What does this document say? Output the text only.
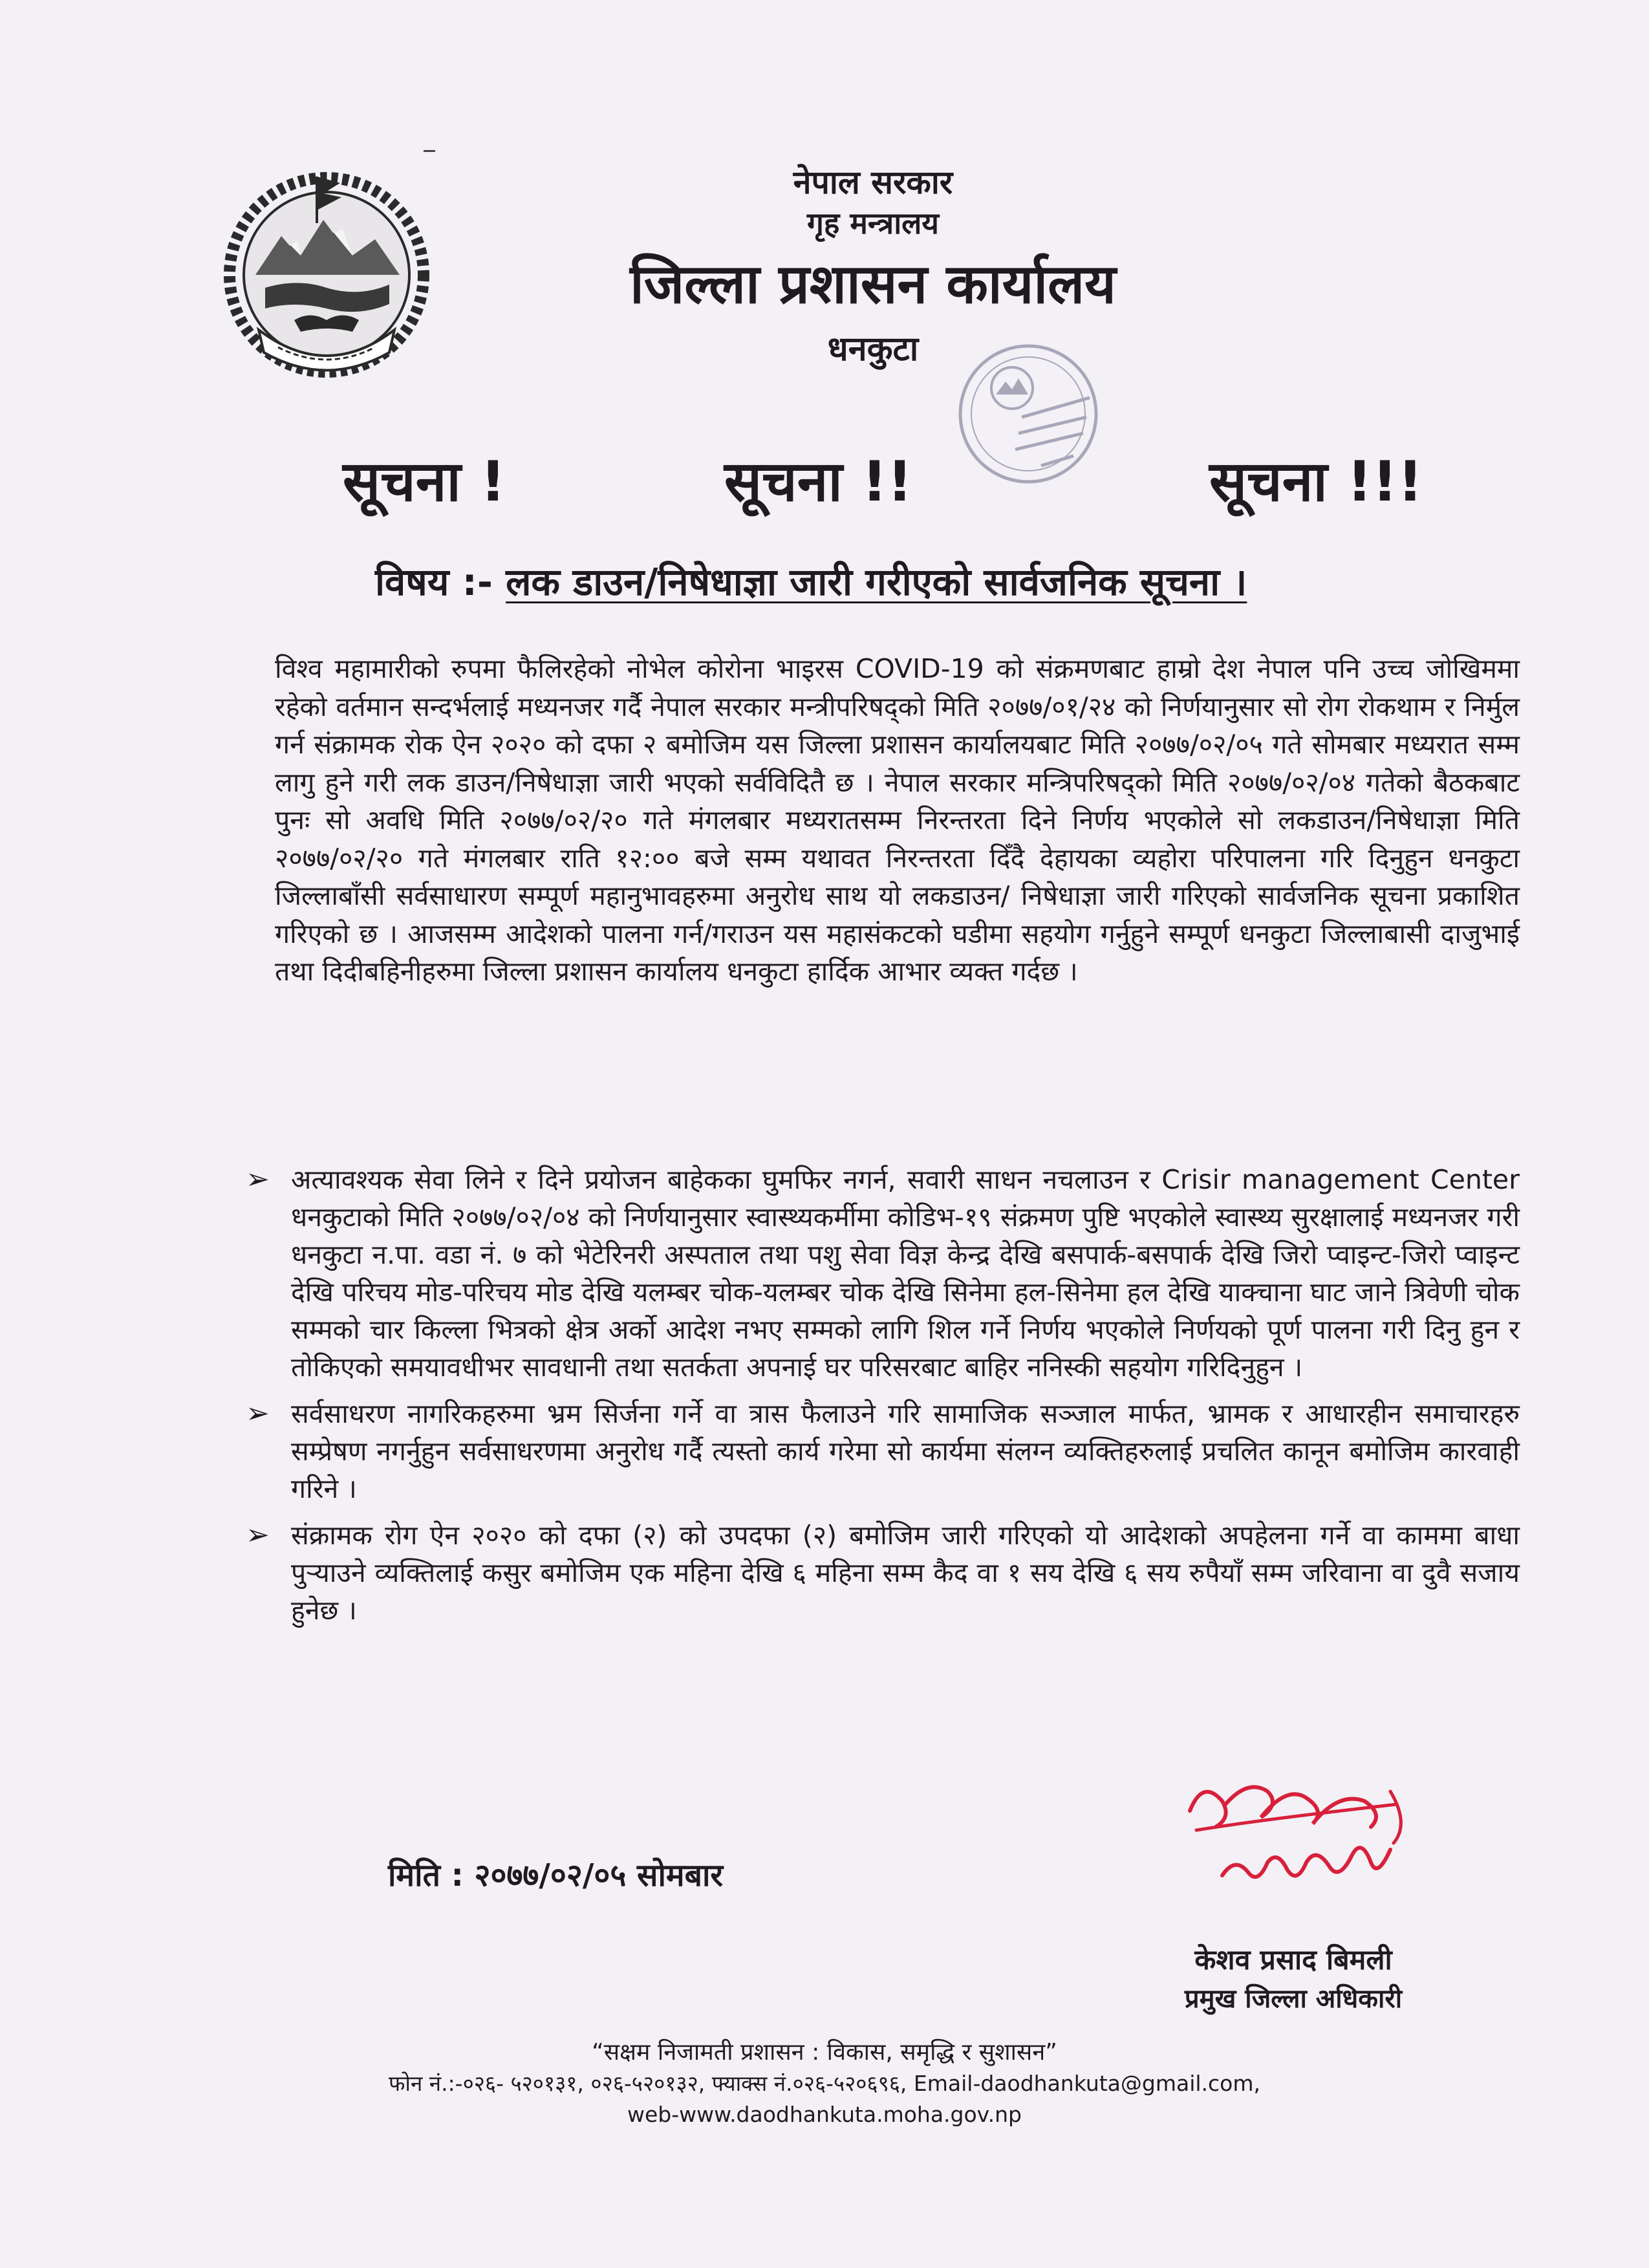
नेपाल सरकार
गृह मन्त्रालय
जिल्ला प्रशासन कार्यालय
धनकुटा
सूचना !	सूचना !!	सूचना !!!
विषय :- लक डाउन/निषेधाज्ञा जारी गरीएको सार्वजनिक सूचना ।
विश्व महामारीको रुपमा फैलिरहेको नोभेल कोरोना भाइरस COVID-19 को संक्रमणबाट हाम्रो देश नेपाल पनि उच्च जोखिममा रहेको वर्तमान सन्दर्भलाई मध्यनजर गर्दै नेपाल सरकार मन्त्रीपरिषद्‌को मिति २०७७/०१/२४ को निर्णयानुसार सो रोग रोकथाम र निर्मुल गर्न संक्रामक रोक ऐन २०२० को दफा २ बमोजिम यस जिल्ला प्रशासन कार्यालयबाट मिति २०७७/०२/०५ गते सोमबार मध्यरात सम्म लागु हुने गरी लक डाउन/निषेधाज्ञा जारी भएको सर्वविदितै छ । नेपाल सरकार मन्त्रिपरिषद्‌को मिति २०७७/०२/०४ गतेको बैठकबाट पुनः सो अवधि मिति २०७७/०२/२० गते मंगलबार मध्यरातसम्म निरन्तरता दिने निर्णय भएकोले सो लकडाउन/निषेधाज्ञा मिति २०७७/०२/२० गते मंगलबार राति १२:०० बजे सम्म यथावत निरन्तरता दिँदै देहायका व्यहोरा परिपालना गरि दिनुहुन धनकुटा जिल्लाबाँसी सर्वसाधारण सम्पूर्ण महानुभावहरुमा अनुरोध साथ यो लकडाउन/ निषेधाज्ञा जारी गरिएको सार्वजनिक सूचना प्रकाशित गरिएको छ । आजसम्म आदेशको पालना गर्न/गराउन यस महासंकटको घडीमा सहयोग गर्नुहुने सम्पूर्ण धनकुटा जिल्लाबासी दाजुभाई तथा दिदीबहिनीहरुमा जिल्ला प्रशासन कार्यालय धनकुटा हार्दिक आभार व्यक्त गर्दछ ।
➢ अत्यावश्यक सेवा लिने र दिने प्रयोजन बाहेकका घुमफिर नगर्न, सवारी साधन नचलाउन र Crisir management Center धनकुटाको मिति २०७७/०२/०४ को निर्णयानुसार स्वास्थ्यकर्मीमा कोडिभ-१९ संक्रमण पुष्टि भएकोले स्वास्थ्य सुरक्षालाई मध्यनजर गरी धनकुटा न.पा. वडा नं. ७ को भेटेरिनरी अस्पताल तथा पशु सेवा विज्ञ केन्द्र देखि बसपार्क-बसपार्क देखि जिरो प्वाइन्ट-जिरो प्वाइन्ट देखि परिचय मोड-परिचय मोड देखि यलम्बर चोक-यलम्बर चोक देखि सिनेमा हल-सिनेमा हल देखि याक्चाना घाट जाने त्रिवेणी चोक सम्मको चार किल्ला भित्रको क्षेत्र अर्को आदेश नभए सम्मको लागि शिल गर्ने निर्णय भएकोले निर्णयको पूर्ण पालना गरी दिनु हुन र तोकिएको समयावधीभर सावधानी तथा सतर्कता अपनाई घर परिसरबाट बाहिर ननिस्की सहयोग गरिदिनुहुन ।
➢ सर्वसाधरण नागरिकहरुमा भ्रम सिर्जना गर्ने वा त्रास फैलाउने गरि सामाजिक सञ्जाल मार्फत, भ्रामक र आधारहीन समाचारहरु सम्प्रेषण नगर्नुहुन सर्वसाधरणमा अनुरोध गर्दै त्यस्तो कार्य गरेमा सो कार्यमा संलग्न व्यक्तिहरुलाई प्रचलित कानून बमोजिम कारवाही गरिने ।
➢ संक्रामक रोग ऐन २०२० को दफा (२) को उपदफा (२) बमोजिम जारी गरिएको यो आदेशको अपहेलना गर्ने वा काममा बाधा पुर्‍याउने व्यक्तिलाई कसुर बमोजिम एक महिना देखि ६ महिना सम्म कैद वा १ सय देखि ६ सय रुपैयाँ सम्म जरिवाना वा दुवै सजाय हुनेछ ।
मिति : २०७७/०२/०५ सोमबार
केशव प्रसाद बिमली
प्रमुख जिल्ला अधिकारी
“सक्षम निजामती प्रशासन : विकास, समृद्धि र सुशासन”
फोन नं.:-०२६- ५२०१३१, ०२६-५२०१३२, फ्याक्स नं.०२६-५२०६९६, Email-daodhankuta@gmail.com,
web-www.daodhankuta.moha.gov.np
